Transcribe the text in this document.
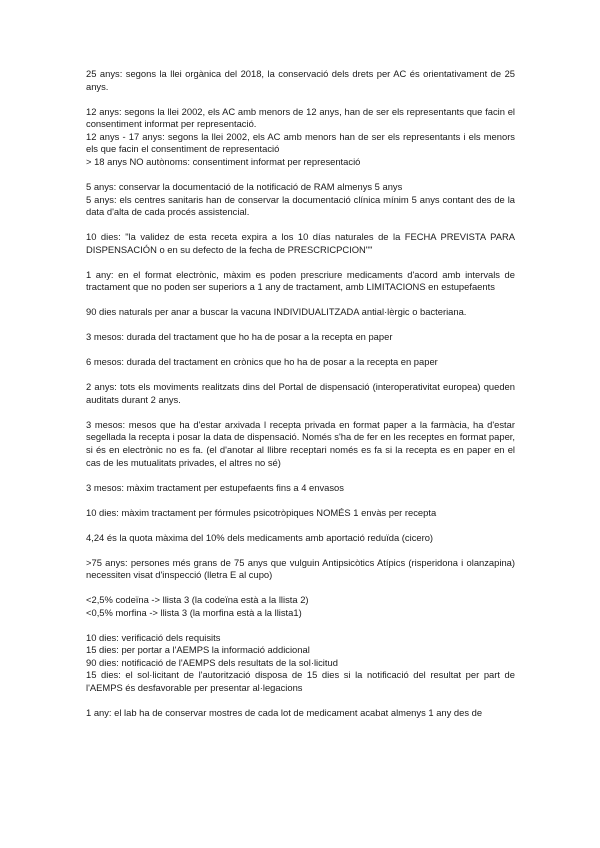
25 anys: segons la llei orgànica del 2018, la conservació dels drets per AC és orientativament de 25 anys.

12 anys: segons la llei 2002, els AC amb menors de 12 anys, han de ser els representants que facin el consentiment informat per representació.
12 anys - 17 anys: segons la llei 2002, els AC amb menors han de ser els representants i els menors els que facin el consentiment de representació
> 18 anys NO autònoms: consentiment informat per representació

5 anys: conservar la documentació de la notificació de RAM almenys 5 anys
5 anys: els centres sanitaris han de conservar la documentació clínica mínim 5 anys contant des de la data d'alta de cada procés assistencial.

10 dies: "la validez de esta receta expira a los 10 días naturales de la FECHA PREVISTA PARA DISPENSACIÓN o en su defecto de la fecha de PRESCRICPCION""

1 any: en el format electrònic, màxim es poden prescriure medicaments d'acord amb intervals de tractament que no poden ser superiors a 1 any de tractament, amb LIMITACIONS en estupefaents

90 dies naturals per anar a buscar la vacuna INDIVIDUALITZADA antial·lèrgic o bacteriana.

3 mesos: durada del tractament que ho ha de posar a la recepta en paper

6 mesos: durada del tractament en crònics que ho ha de posar a la recepta en paper

2 anys: tots els moviments realitzats dins del Portal de dispensació (interoperativitat europea) queden auditats durant 2 anys.

3 mesos: mesos que ha d'estar arxivada l recepta privada en format paper a la farmàcia, ha d'estar segellada la recepta i posar la data de dispensació. Només s'ha de fer en les receptes en format paper, si és en electrònic no es fa. (el d'anotar al llibre receptari només es fa si la recepta es en paper en el cas de les mutualitats privades, el altres no sé)

3 mesos: màxim tractament per estupefaents fins a 4 envasos

10 dies: màxim tractament per fórmules psicotròpiques NOMÉS 1 envàs per recepta

4,24 és la quota màxima del 10% dels medicaments amb aportació reduïda (cicero)

>75 anys: persones més grans de 75 anys que vulguin Antipsicòtics Atípics (risperidona i olanzapina) necessiten visat d'inspecció (lletra E al cupo)

<2,5% codeïna -> llista 3 (la codeïna està a la llista 2)
<0,5% morfina -> llista 3 (la morfina està a la llista1)

10 dies: verificació dels requisits
15 dies: per portar a l'AEMPS la informació addicional
90 dies: notificació de l'AEMPS dels resultats de la sol·licitud
15 dies: el sol·licitant de l'autorització disposa de 15 dies si la notificació del resultat per part de l'AEMPS és desfavorable per presentar al·legacions

1 any: el lab ha de conservar mostres de cada lot de medicament acabat almenys 1 any des de
